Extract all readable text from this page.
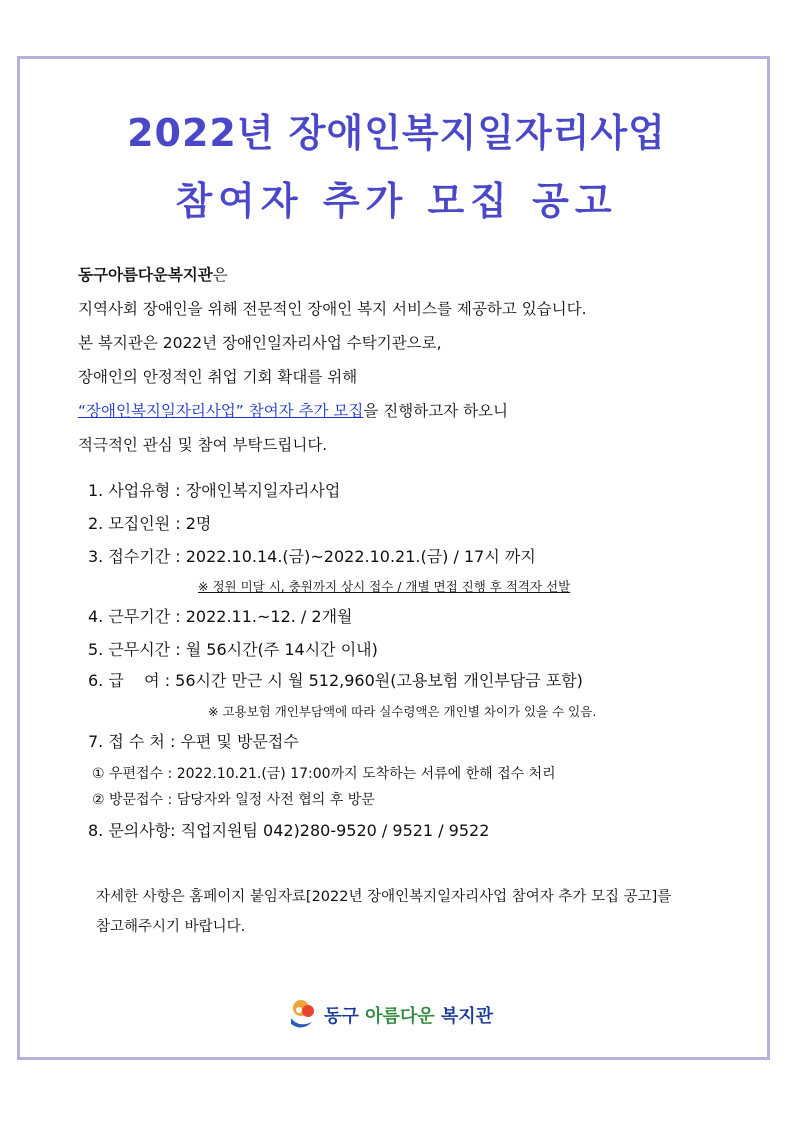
2022년 장애인복지일자리사업
참여자 추가 모집 공고
동구아름다운복지관은
지역사회 장애인을 위해 전문적인 장애인 복지 서비스를 제공하고 있습니다.
본 복지관은 2022년 장애인일자리사업 수탁기관으로,
장애인의 안정적인 취업 기회 확대를 위해
“장애인복지일자리사업” 참여자 추가 모집을 진행하고자 하오니
적극적인 관심 및 참여 부탁드립니다.
1. 사업유형 : 장애인복지일자리사업
2. 모집인원 : 2명
3. 접수기간 : 2022.10.14.(금)~2022.10.21.(금) / 17시 까지
※ 정원 미달 시, 충원까지 상시 접수 / 개별 면접 진행 후 적격자 선발
4. 근무기간 : 2022.11.~12. / 2개월
5. 근무시간 : 월 56시간(주 14시간 이내)
6. 급    여 : 56시간 만근 시 월 512,960원(고용보험 개인부담금 포함)
※ 고용보험 개인부담액에 따라 실수령액은 개인별 차이가 있을 수 있음.
7. 접 수 처 : 우편 및 방문접수
① 우편접수 : 2022.10.21.(금) 17:00까지 도착하는 서류에 한해 접수 처리
② 방문접수 : 담당자와 일정 사전 협의 후 방문
8. 문의사항: 직업지원팀 042)280-9520 / 9521 / 9522
자세한 사항은 홈페이지 붙임자료[2022년 장애인복지일자리사업 참여자 추가 모집 공고]를
참고해주시기 바랍니다.
동구 아름다운 복지관
